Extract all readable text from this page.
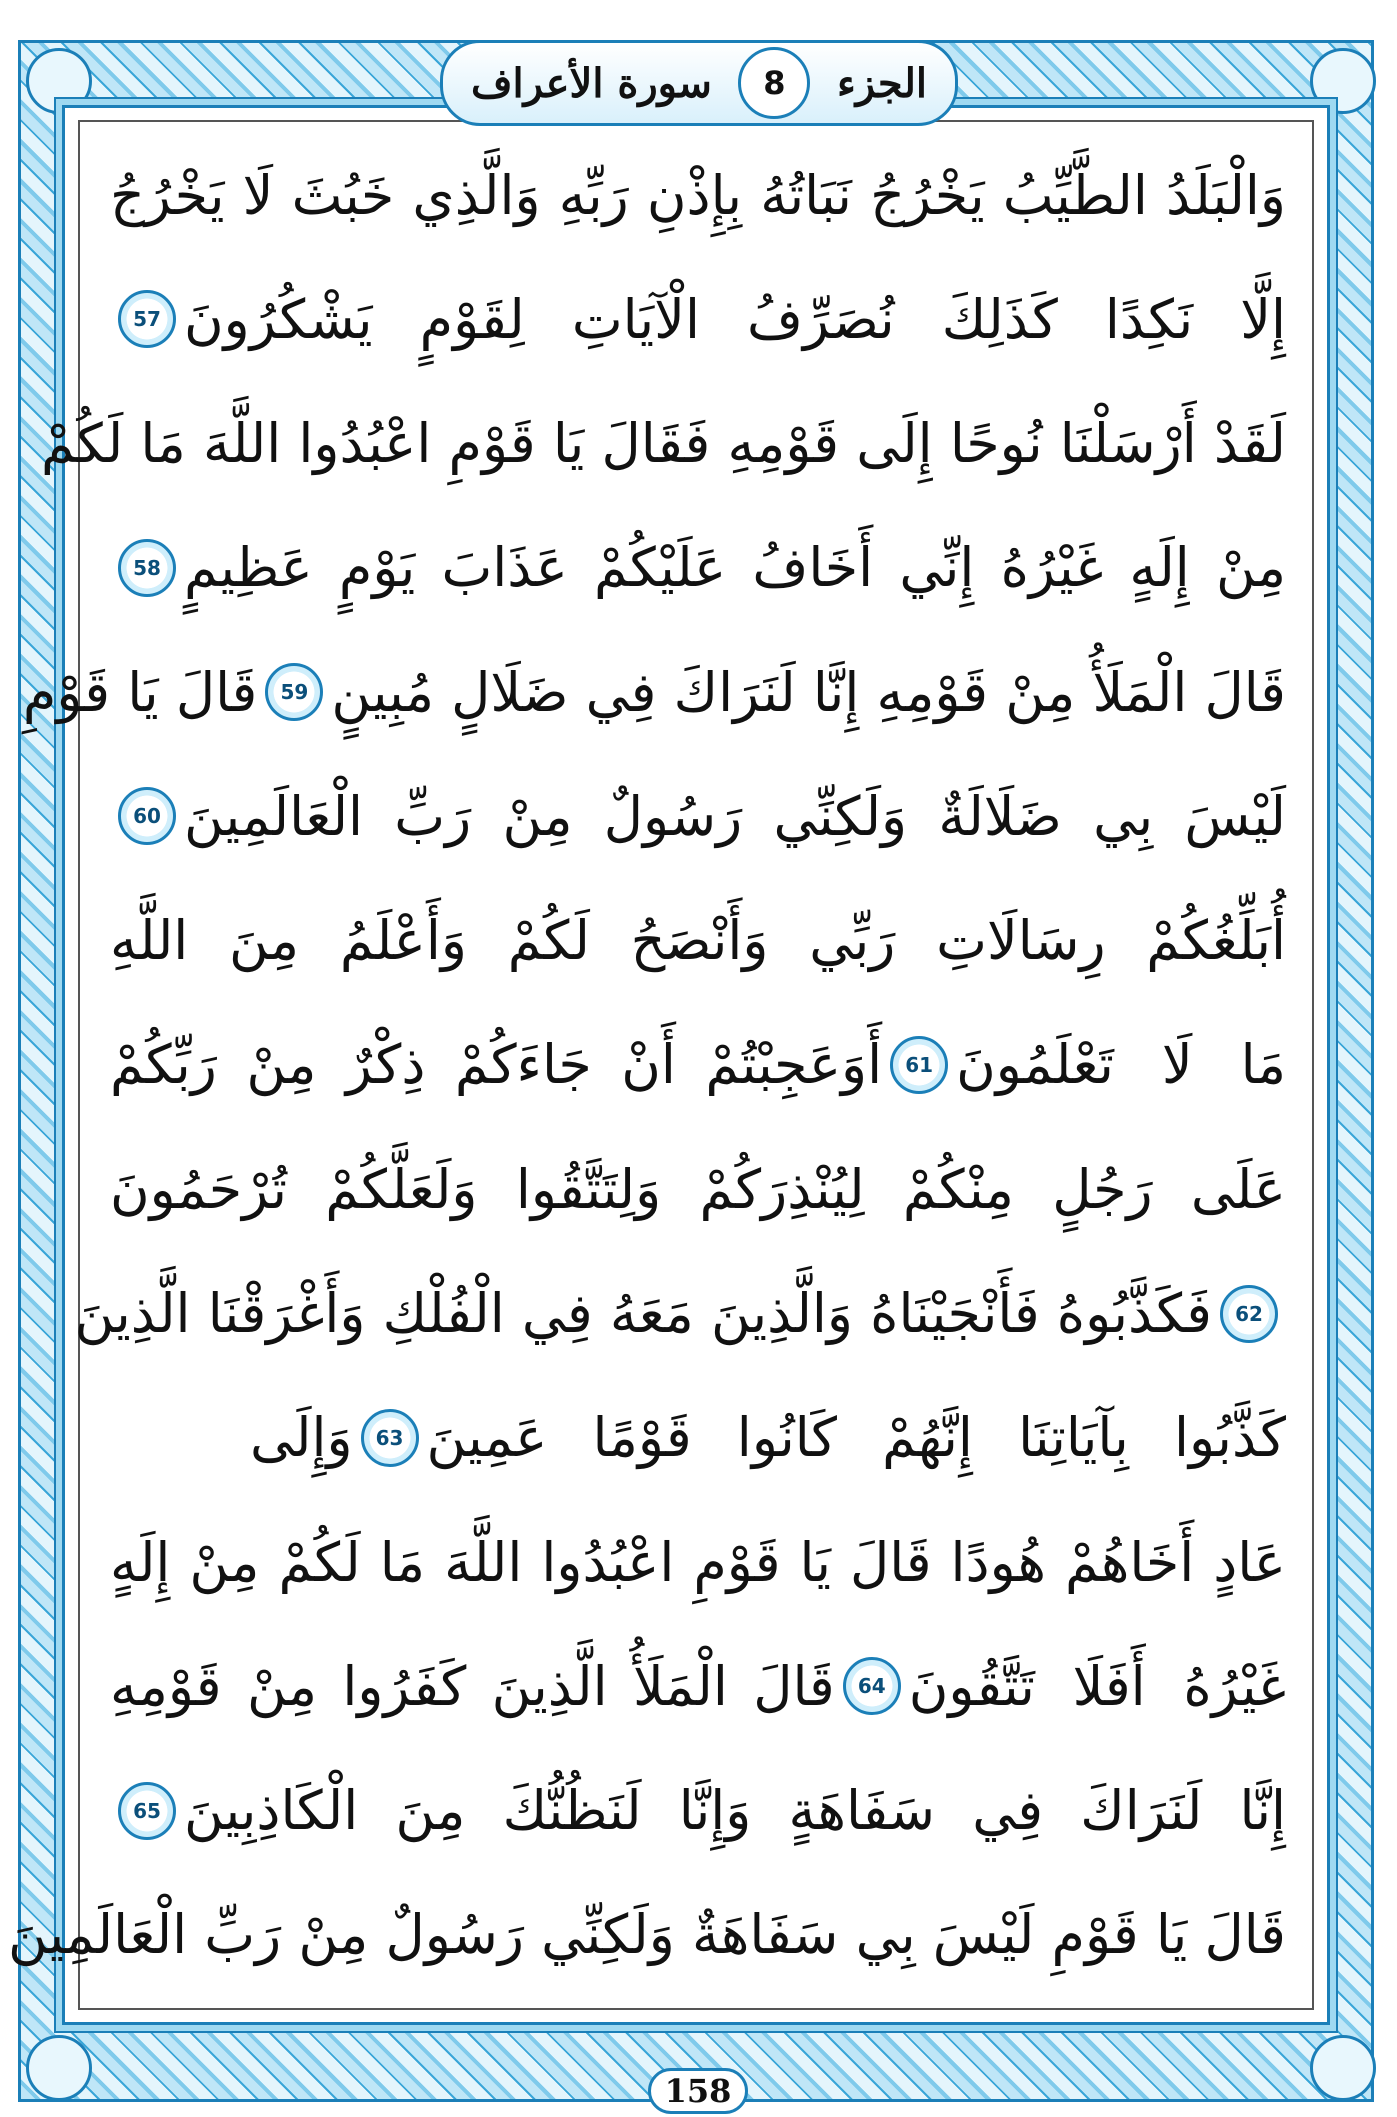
الجزء
8
سورة الأعراف
وَالْبَلَدُ الطَّيِّبُ يَخْرُجُ نَبَاتُهُ بِإِذْنِ رَبِّهِ وَالَّذِي خَبُثَ لَا يَخْرُجُ
إِلَّا نَكِدًا كَذَلِكَ نُصَرِّفُ الْآيَاتِ لِقَوْمٍ يَشْكُرُونَ
57
لَقَدْ أَرْسَلْنَا نُوحًا إِلَى قَوْمِهِ فَقَالَ يَا قَوْمِ اعْبُدُوا اللَّهَ مَا لَكُمْ
مِنْ إِلَهٍ غَيْرُهُ إِنِّي أَخَافُ عَلَيْكُمْ عَذَابَ يَوْمٍ عَظِيمٍ
58
قَالَ الْمَلَأُ مِنْ قَوْمِهِ إِنَّا لَنَرَاكَ فِي ضَلَالٍ مُبِينٍ
59
قَالَ يَا قَوْمِ
لَيْسَ بِي ضَلَالَةٌ وَلَكِنِّي رَسُولٌ مِنْ رَبِّ الْعَالَمِينَ
60
أُبَلِّغُكُمْ رِسَالَاتِ رَبِّي وَأَنْصَحُ لَكُمْ وَأَعْلَمُ مِنَ اللَّهِ
مَا لَا تَعْلَمُونَ
61
أَوَعَجِبْتُمْ أَنْ جَاءَكُمْ ذِكْرٌ مِنْ رَبِّكُمْ
عَلَى رَجُلٍ مِنْكُمْ لِيُنْذِرَكُمْ وَلِتَتَّقُوا وَلَعَلَّكُمْ تُرْحَمُونَ
62
فَكَذَّبُوهُ فَأَنْجَيْنَاهُ وَالَّذِينَ مَعَهُ فِي الْفُلْكِ وَأَغْرَقْنَا الَّذِينَ
كَذَّبُوا بِآيَاتِنَا إِنَّهُمْ كَانُوا قَوْمًا عَمِينَ
63
وَإِلَى
عَادٍ أَخَاهُمْ هُودًا قَالَ يَا قَوْمِ اعْبُدُوا اللَّهَ مَا لَكُمْ مِنْ إِلَهٍ
غَيْرُهُ أَفَلَا تَتَّقُونَ
64
قَالَ الْمَلَأُ الَّذِينَ كَفَرُوا مِنْ قَوْمِهِ
إِنَّا لَنَرَاكَ فِي سَفَاهَةٍ وَإِنَّا لَنَظُنُّكَ مِنَ الْكَاذِبِينَ
65
قَالَ يَا قَوْمِ لَيْسَ بِي سَفَاهَةٌ وَلَكِنِّي رَسُولٌ مِنْ رَبِّ الْعَالَمِينَ
158
